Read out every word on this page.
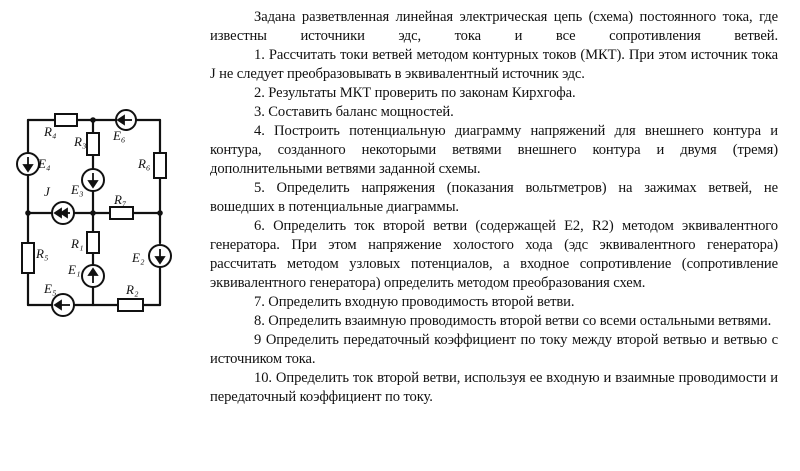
R₄
R₃ E₆
R₆
E₄
J E₃
R₇
R₁
R₅
E₁
E₂
E₅	R₂

Задана разветвленная линейная электрическая цепь (схема) постоянного тока, где известны источники эдс, тока и все сопротивления ветвей.

1. Рассчитать токи ветвей методом контурных токов (МКТ). При этом источник тока J не следует преобразовывать в эквивалентный источник эдс.

2. Результаты МКТ проверить по законам Кирхгофа.

3. Составить баланс мощностей.

4. Построить потенциальную диаграмму напряжений для внешнего контура и контура, созданного некоторыми ветвями внешнего контура и двумя (тремя) дополнительными ветвями заданной схемы.

5. Определить напряжения (показания вольтметров) на зажимах ветвей, не вошедших в потенциальные диаграммы.

6. Определить ток второй ветви (содержащей E2, R2) методом эквивалентного генератора. При этом напряжение холостого хода (эдс эквивалентного генератора) рассчитать методом узловых потенциалов, а входное сопротивление (сопротивление эквивалентного генератора) определить методом преобразования схем.

7. Определить входную проводимость второй ветви.

8. Определить взаимную проводимость второй ветви со всеми остальными ветвями.

9 Определить передаточный коэффициент по току между второй ветвью и ветвью с источником тока.

10. Определить ток второй ветви, используя ее входную и взаимные проводимости и передаточный коэффициент по току.
